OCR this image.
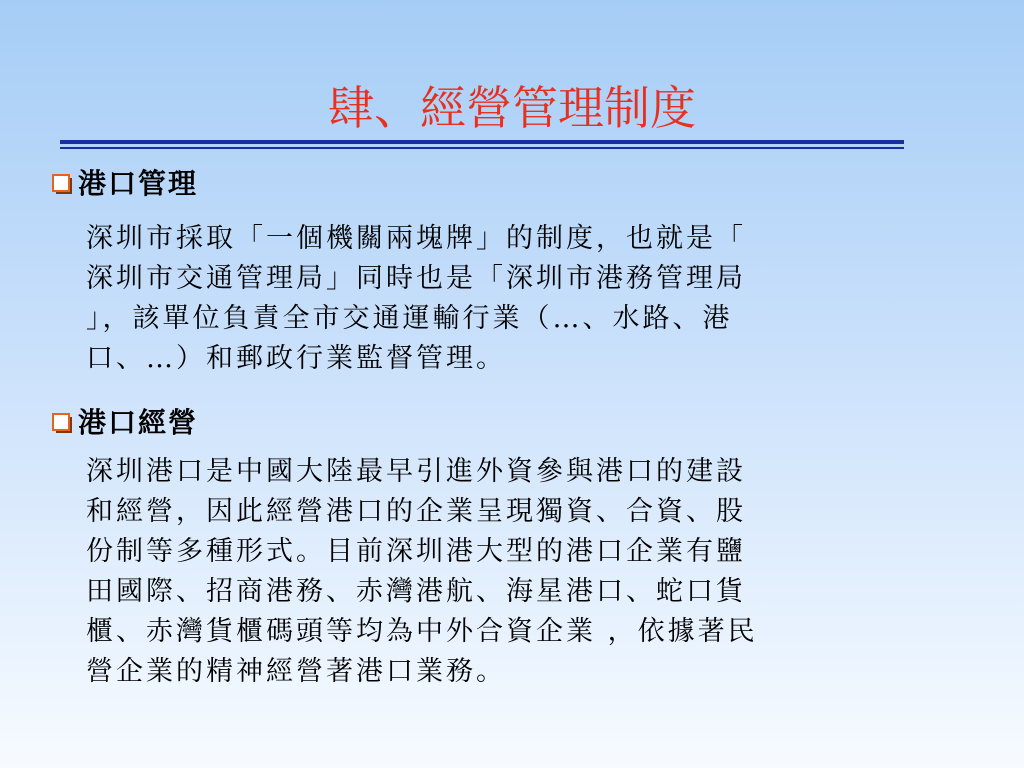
肆、經營管理制度
港口管理
深圳市採取「一個機關兩塊牌」的制度，也就是「
深圳市交通管理局」同時也是「深圳市港務管理局
」，該單位負責全市交通運輸行業（…、水路、港
口、…）和郵政行業監督管理。
港口經營
深圳港口是中國大陸最早引進外資參與港口的建設
和經營，因此經營港口的企業呈現獨資、合資、股
份制等多種形式。目前深圳港大型的港口企業有鹽
田國際、招商港務、赤灣港航、海星港口、蛇口貨
櫃、赤灣貨櫃碼頭等均為中外合資企業 ，依據著民
營企業的精神經營著港口業務。
